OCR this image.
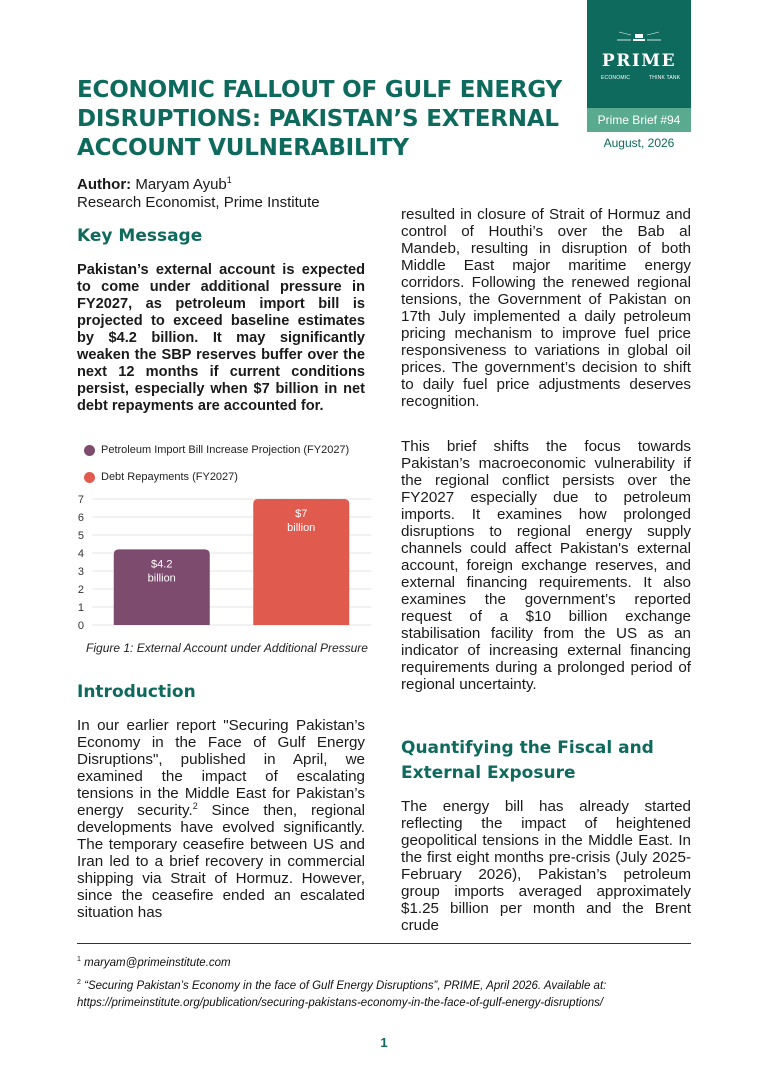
ECONOMIC FALLOUT OF GULF ENERGY DISRUPTIONS: PAKISTAN’S EXTERNAL ACCOUNT VULNERABILITY
PRIME
ECONOMIC	THINK TANK
Prime Brief #94
August, 2026
Author: Maryam Ayub$^1$
Research Economist, Prime Institute
Key Message
Pakistan’s external account is expected to come under additional pressure in FY2027, as petroleum import bill is projected to exceed baseline estimates by $4.2 billion. It may significantly weaken the SBP reserves buffer over the next 12 months if current conditions persist, especially when $7 billion in net debt repayments are accounted for.
Petroleum Import Bill Increase Projection (FY2027)
Debt Repayments (FY2027)
0
1
2
3
4
5
6
7
$4.2
billion
$7
billion
Figure 1: External Account under Additional Pressure
Introduction

In our earlier report "Securing Pakistan’s Economy in the Face of Gulf Energy Disruptions", published in April, we examined the impact of escalating tensions in the Middle East for Pakistan’s energy security.$^2$ Since then, regional developments have evolved significantly. The temporary ceasefire between US and Iran led to a brief recovery in commercial shipping via Strait of Hormuz. However, since the ceasefire ended an escalated situation has

resulted in closure of Strait of Hormuz and control of Houthi’s over the Bab al Mandeb, resulting in disruption of both Middle East major maritime energy corridors. Following the renewed regional tensions, the Government of Pakistan on 17th July implemented a daily petroleum pricing mechanism to improve fuel price responsiveness to variations in global oil prices. The government’s decision to shift to daily fuel price adjustments deserves recognition.

This brief shifts the focus towards Pakistan’s macroeconomic vulnerability if the regional conflict persists over the FY2027 especially due to petroleum imports. It examines how prolonged disruptions to regional energy supply channels could affect Pakistan's external account, foreign exchange reserves, and external financing requirements. It also examines the government’s reported request of a $10 billion exchange stabilisation facility from the US as an indicator of increasing external financing requirements during a prolonged period of regional uncertainty.

Quantifying the Fiscal and
External Exposure

The energy bill has already started reflecting the impact of heightened geopolitical tensions in the Middle East. In the first eight months pre-crisis (July 2025-February 2026), Pakistan’s petroleum group imports averaged approximately $1.25 billion per month and the Brent crude

$^1$ maryam@primeinstitute.com
$^2$ “Securing Pakistan’s Economy in the face of Gulf Energy Disruptions”, PRIME, April 2026. Available at: https://primeinstitute.org/publication/securing-pakistans-economy-in-the-face-of-gulf-energy-disruptions/
1
